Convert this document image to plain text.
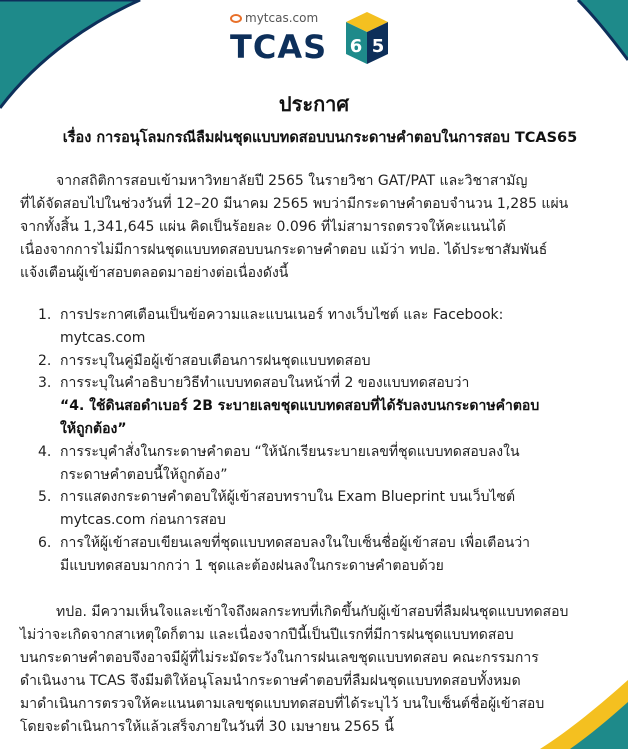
mytcas.com
TCAS 6 5
ประกาศ
เรื่อง การอนุโลมกรณีลืมฝนชุดแบบทดสอบบนกระดาษคำตอบในการสอบ TCAS65
จากสถิติการสอบเข้ามหาวิทยาลัยปี 2565 ในรายวิชา GAT/PAT และวิชาสามัญ
ที่ได้จัดสอบไปในช่วงวันที่ 12–20 มีนาคม 2565 พบว่ามีกระดาษคำตอบจำนวน 1,285 แผ่น
จากทั้งสิ้น 1,341,645 แผ่น คิดเป็นร้อยละ 0.096 ที่ไม่สามารถตรวจให้คะแนนได้
เนื่องจากการไม่มีการฝนชุดแบบทดสอบบนกระดาษคำตอบ แม้ว่า ทปอ. ได้ประชาสัมพันธ์
แจ้งเตือนผู้เข้าสอบตลอดมาอย่างต่อเนื่องดังนี้
1. การประกาศเตือนเป็นข้อความและแบนเนอร์ ทางเว็บไซต์ และ Facebook:
mytcas.com
2. การระบุในคู่มือผู้เข้าสอบเตือนการฝนชุดแบบทดสอบ
3. การระบุในคำอธิบายวิธีทำแบบทดสอบในหน้าที่ 2 ของแบบทดสอบว่า
“4. ใช้ดินสอดำเบอร์ 2B ระบายเลขชุดแบบทดสอบที่ได้รับลงบนกระดาษคำตอบ
ให้ถูกต้อง”
4. การระบุคำสั่งในกระดาษคำตอบ “ให้นักเรียนระบายเลขที่ชุดแบบทดสอบลงใน
กระดาษคำตอบนี้ให้ถูกต้อง”
5. การแสดงกระดาษคำตอบให้ผู้เข้าสอบทราบใน Exam Blueprint บนเว็บไซต์
mytcas.com ก่อนการสอบ
6. การให้ผู้เข้าสอบเขียนเลขที่ชุดแบบทดสอบลงในใบเซ็นชื่อผู้เข้าสอบ เพื่อเตือนว่า
มีแบบทดสอบมากกว่า 1 ชุดและต้องฝนลงในกระดาษคำตอบด้วย
ทปอ. มีความเห็นใจและเข้าใจถึงผลกระทบที่เกิดขึ้นกับผู้เข้าสอบที่ลืมฝนชุดแบบทดสอบ
ไม่ว่าจะเกิดจากสาเหตุใดก็ตาม และเนื่องจากปีนี้เป็นปีแรกที่มีการฝนชุดแบบทดสอบ
บนกระดาษคำตอบจึงอาจมีผู้ที่ไม่ระมัดระวังในการฝนเลขชุดแบบทดสอบ คณะกรรมการ
ดำเนินงาน TCAS จึงมีมติให้อนุโลมนำกระดาษคำตอบที่ลืมฝนชุดแบบทดสอบทั้งหมด
มาดำเนินการตรวจให้คะแนนตามเลขชุดแบบทดสอบที่ได้ระบุไว้ บนใบเซ็นต์ชื่อผู้เข้าสอบ
โดยจะดำเนินการให้แล้วเสร็จภายในวันที่ 30 เมษายน 2565 นี้
